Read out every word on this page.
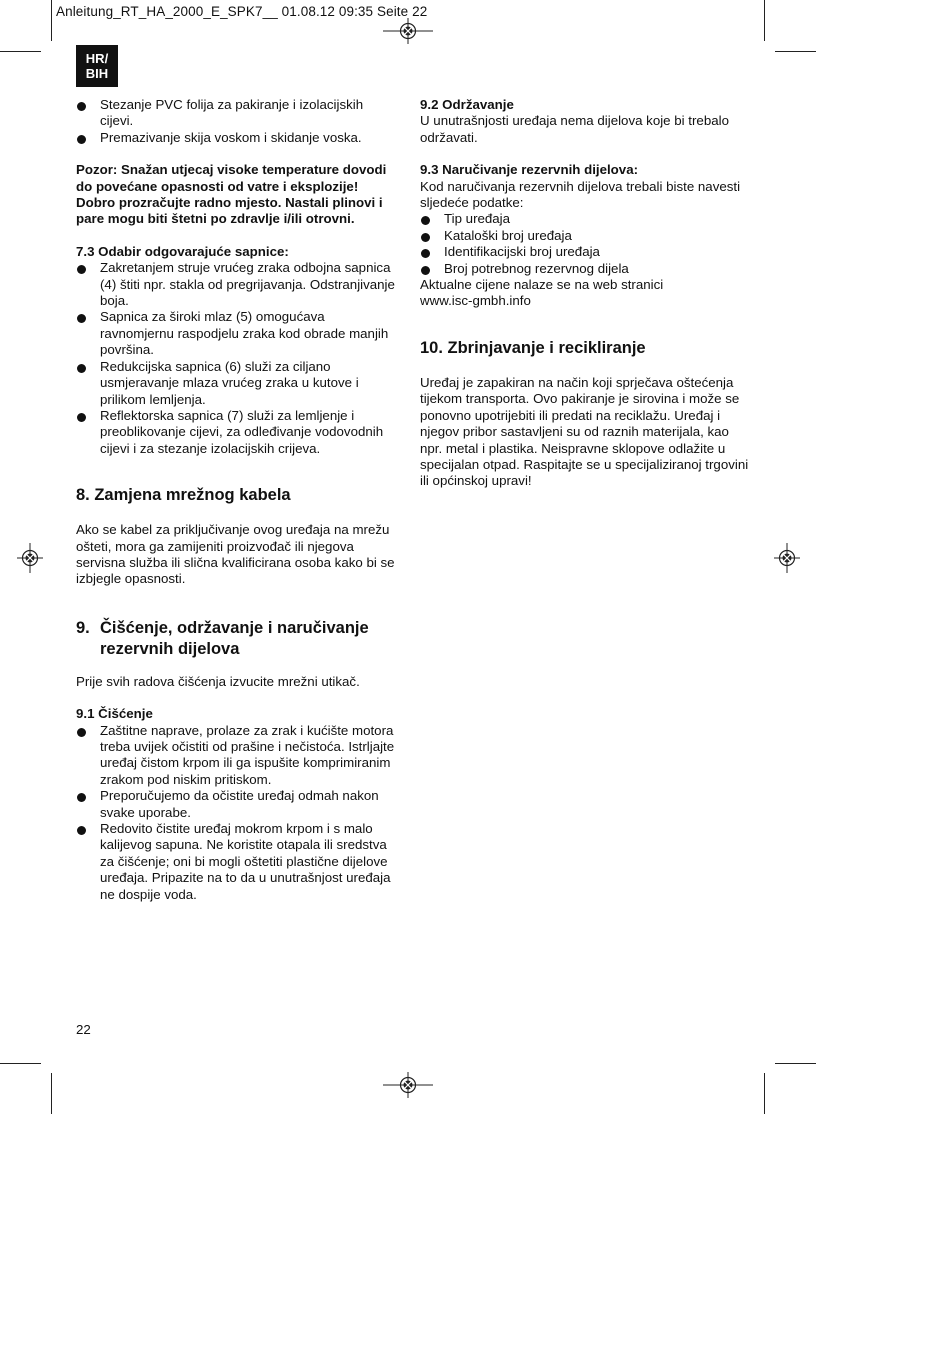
Anleitung_RT_HA_2000_E_SPK7__ 01.08.12 09:35 Seite 22
HR/
BIH
Stezanje PVC folija za pakiranje i izolacijskih cijevi.
Premazivanje skija voskom i skidanje voska.

Pozor: Snažan utjecaj visoke temperature dovodi do povećane opasnosti od vatre i eksplozije! Dobro prozračujte radno mjesto. Nastali plinovi i pare mogu biti štetni po zdravlje i/ili otrovni.

7.3 Odabir odgovarajuće sapnice:

Zakretanjem struje vrućeg zraka odbojna sapnica (4) štiti npr. stakla od pregrijavanja. Odstranjivanje boja.
Sapnica za široki mlaz (5) omogućava ravnomjernu raspodjelu zraka kod obrade manjih površina.
Redukcijska sapnica (6) služi za ciljano usmjeravanje mlaza vrućeg zraka u kutove i prilikom lemljenja.
Reflektorska sapnica (7) služi za lemljenje i preoblikovanje cijevi, za odleđivanje vodovodnih cijevi i za stezanje izolacijskih crijeva.
8. Zamjena mrežnog kabela

Ako se kabel za priključivanje ovog uređaja na mrežu ošteti, mora ga zamijeniti proizvođač ili njegova servisna služba ili slična kvalificirana osoba kako bi se izbjegle opasnosti.

9. Čišćenje, održavanje i naručivanje rezervnih dijelova

Prije svih radova čišćenja izvucite mrežni utikač.

9.1 Čišćenje

Zaštitne naprave, prolaze za zrak i kućište motora treba uvijek očistiti od prašine i nečistoća. Istrljajte uređaj čistom krpom ili ga ispušite komprimiranim zrakom pod niskim pritiskom.
Preporučujemo da očistite uređaj odmah nakon svake uporabe.
Redovito čistite uređaj mokrom krpom i s malo kalijevog sapuna. Ne koristite otapala ili sredstva za čišćenje; oni bi mogli oštetiti plastične dijelove uređaja. Pripazite na to da u unutrašnjost uređaja ne dospije voda.

9.2 Održavanje

U unutrašnjosti uređaja nema dijelova koje bi trebalo održavati.

9.3 Naručivanje rezervnih dijelova:

Kod naručivanja rezervnih dijelova trebali biste navesti sljedeće podatke:

Tip uređaja
Kataloški broj uređaja
Identifikacijski broj uređaja
Broj potrebnog rezervnog dijela

Aktualne cijene nalaze se na web stranici

www.isc-gmbh.info

10. Zbrinjavanje i recikliranje

Uređaj je zapakiran na način koji sprječava oštećenja tijekom transporta. Ovo pakiranje je sirovina i može se ponovno upotrijebiti ili predati na reciklažu. Uređaj i njegov pribor sastavljeni su od raznih materijala, kao npr. metal i plastika. Neispravne sklopove odlažite u specijalan otpad. Raspitajte se u specijaliziranoj trgovini ili općinskoj upravi!

22
